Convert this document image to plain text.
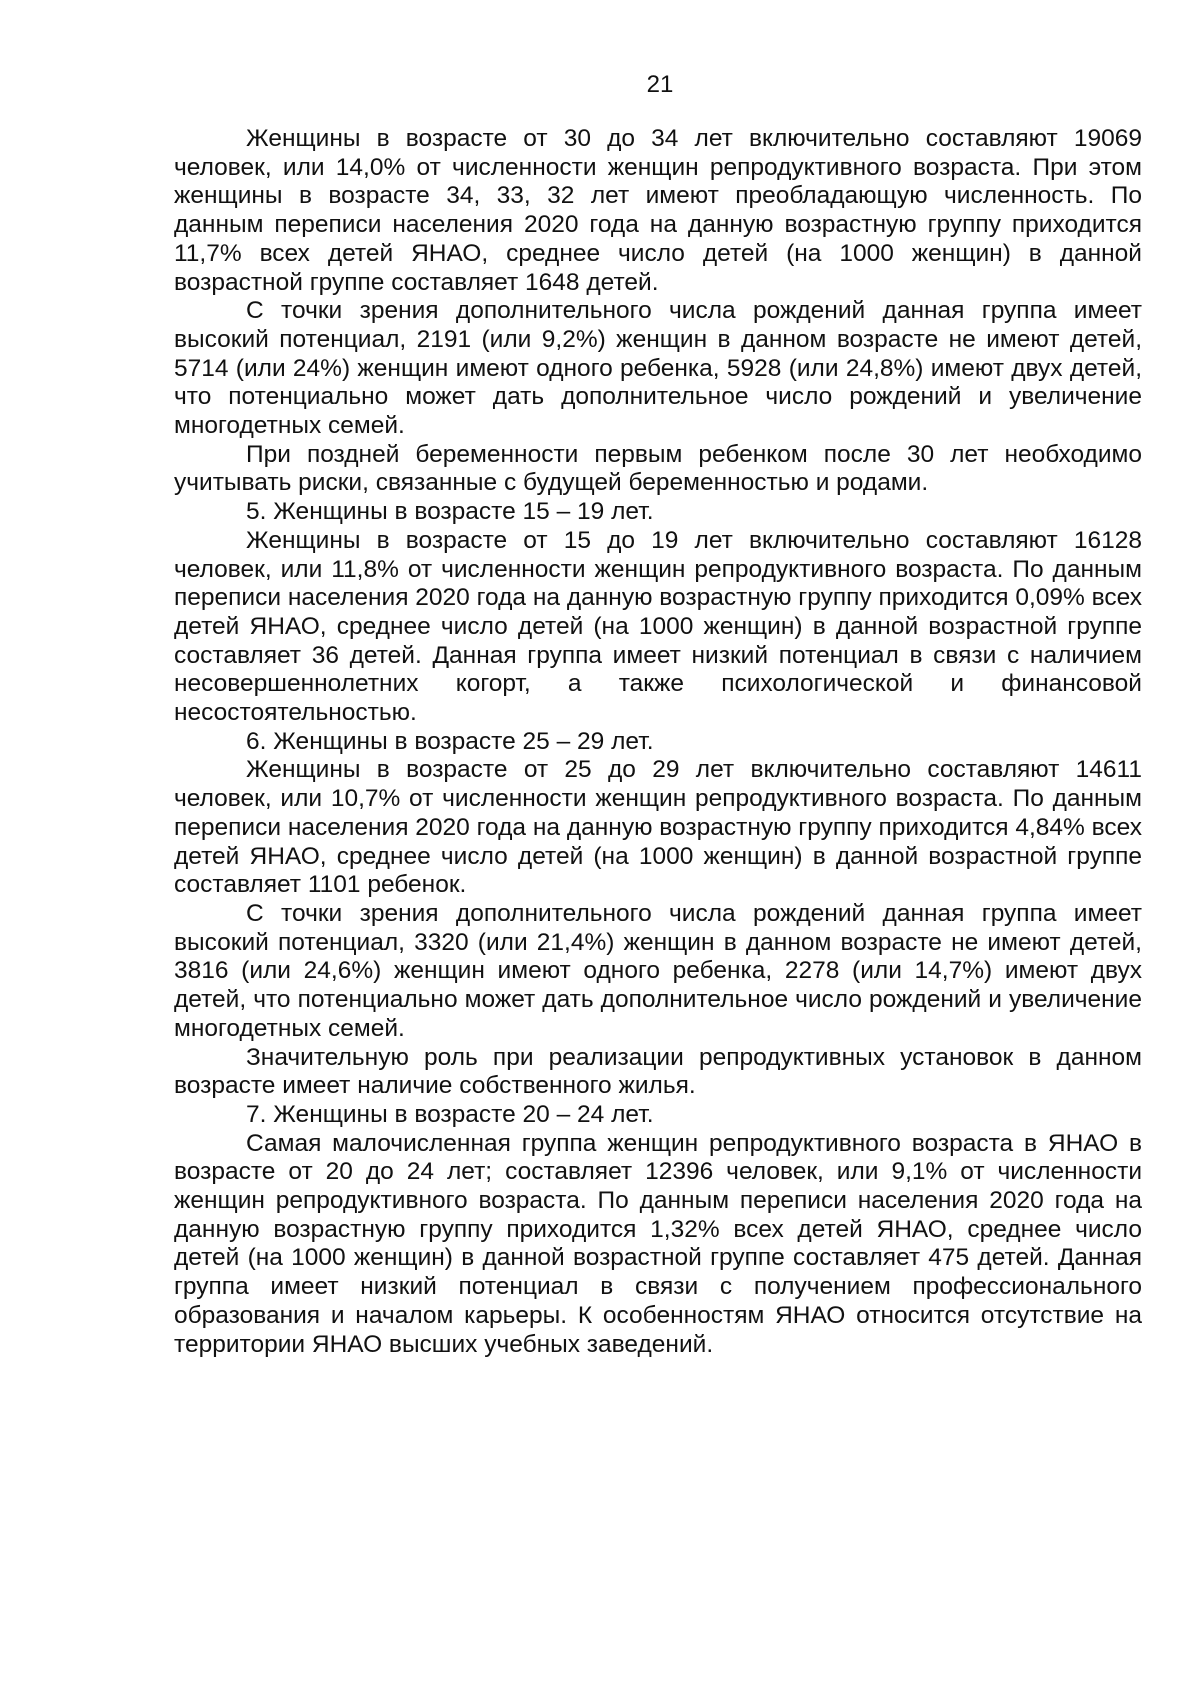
21

Женщины в возрасте от 30 до 34 лет включительно составляют 19069 человек, или 14,0% от численности женщин репродуктивного возраста. При этом женщины в возрасте 34, 33, 32 лет имеют преобладающую численность. По данным переписи населения 2020 года на данную возрастную группу приходится 11,7% всех детей ЯНАО, среднее число детей (на 1000 женщин) в данной возрастной группе составляет 1648 детей.

С точки зрения дополнительного числа рождений данная группа имеет высокий потенциал, 2191 (или 9,2%) женщин в данном возрасте не имеют детей, 5714 (или 24%) женщин имеют одного ребенка, 5928 (или 24,8%) имеют двух детей, что потенциально может дать дополнительное число рождений и увеличение многодетных семей.

При поздней беременности первым ребенком после 30 лет необходимо учитывать риски, связанные с будущей беременностью и родами.

5. Женщины в возрасте 15 – 19 лет.

Женщины в возрасте от 15 до 19 лет включительно составляют 16128 человек, или 11,8% от численности женщин репродуктивного возраста. По данным переписи населения 2020 года на данную возрастную группу приходится 0,09% всех детей ЯНАО, среднее число детей (на 1000 женщин) в данной возрастной группе составляет 36 детей. Данная группа имеет низкий потенциал в связи с наличием несовершеннолетних когорт, а также психологической и финансовой несостоятельностью.

6. Женщины в возрасте 25 – 29 лет.

Женщины в возрасте от 25 до 29 лет включительно составляют 14611 человек, или 10,7% от численности женщин репродуктивного возраста. По данным переписи населения 2020 года на данную возрастную группу приходится 4,84% всех детей ЯНАО, среднее число детей (на 1000 женщин) в данной возрастной группе составляет 1101 ребенок.

С точки зрения дополнительного числа рождений данная группа имеет высокий потенциал, 3320 (или 21,4%) женщин в данном возрасте не имеют детей, 3816 (или 24,6%) женщин имеют одного ребенка, 2278 (или 14,7%) имеют двух детей, что потенциально может дать дополнительное число рождений и увеличение многодетных семей.

Значительную роль при реализации репродуктивных установок в данном возрасте имеет наличие собственного жилья.

7. Женщины в возрасте 20 – 24 лет.

Самая малочисленная группа женщин репродуктивного возраста в ЯНАО в возрасте от 20 до 24 лет; составляет 12396 человек, или 9,1% от численности женщин репродуктивного возраста. По данным переписи населения 2020 года на данную возрастную группу приходится 1,32% всех детей ЯНАО, среднее число детей (на 1000 женщин) в данной возрастной группе составляет 475 детей. Данная группа имеет низкий потенциал в связи с получением профессионального образования и началом карьеры. К особенностям ЯНАО относится отсутствие на территории ЯНАО высших учебных заведений.
